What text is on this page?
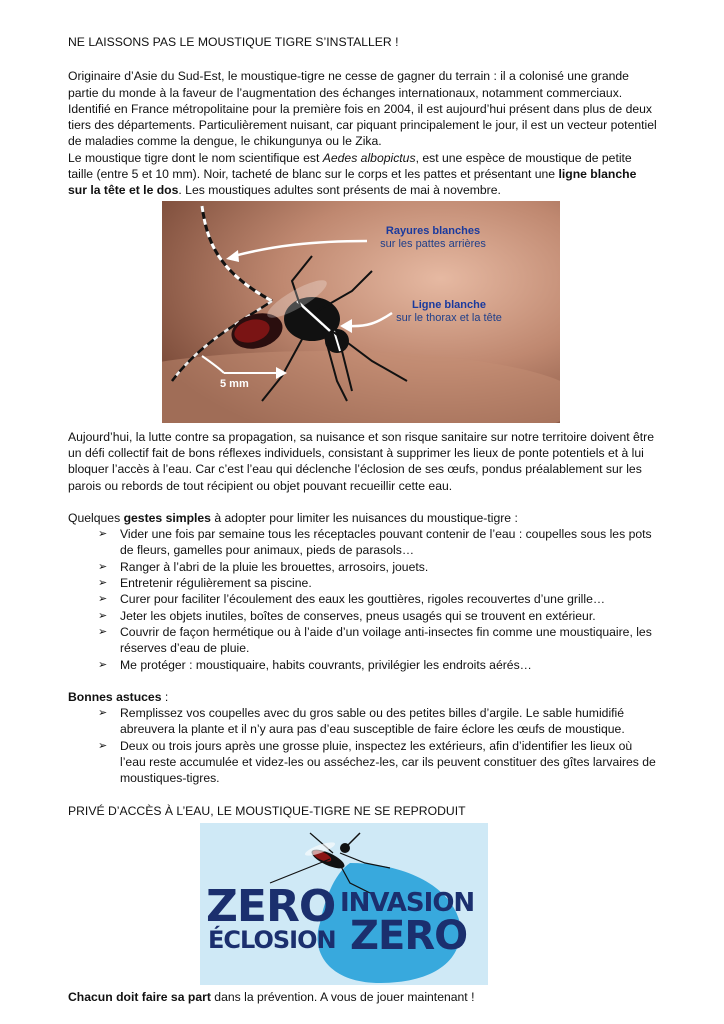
NE LAISSONS PAS LE MOUSTIQUE TIGRE S’INSTALLER !

Originaire d’Asie du Sud-Est, le moustique-tigre ne cesse de gagner du terrain : il a colonisé une grande partie du monde à la faveur de l’augmentation des échanges internationaux, notamment commerciaux. Identifié en France métropolitaine pour la première fois en 2004, il est aujourd’hui présent dans plus de deux tiers des départements. Particulièrement nuisant, car piquant principalement le jour, il est un vecteur potentiel de maladies comme la dengue, le chikungunya ou le Zika.

Le moustique tigre dont le nom scientifique est Aedes albopictus, est une espèce de moustique de petite taille (entre 5 et 10 mm). Noir, tacheté de blanc sur le corps et les pattes et présentant une ligne blanche sur la tête et le dos. Les moustiques adultes sont présents de mai à novembre.

Rayures blanches
sur les pattes arrières
Ligne blanche
sur le thorax et la tête
5 mm

Aujourd’hui, la lutte contre sa propagation, sa nuisance et son risque sanitaire sur notre territoire doivent être un défi collectif fait de bons réflexes individuels, consistant à supprimer les lieux de ponte potentiels et à lui bloquer l’accès à l’eau. Car c’est l’eau qui déclenche l’éclosion de ses œufs, pondus préalablement sur les parois ou rebords de tout récipient ou objet pouvant recueillir cette eau.

Quelques gestes simples à adopter pour limiter les nuisances du moustique-tigre :

➢ Vider une fois par semaine tous les réceptacles pouvant contenir de l’eau : coupelles sous les pots de fleurs, gamelles pour animaux, pieds de parasols…
➢ Ranger à l’abri de la pluie les brouettes, arrosoirs, jouets.
➢ Entretenir régulièrement sa piscine.
➢ Curer pour faciliter l’écoulement des eaux les gouttières, rigoles recouvertes d’une grille…
➢ Jeter les objets inutiles, boîtes de conserves, pneus usagés qui se trouvent en extérieur.
➢ Couvrir de façon hermétique ou à l’aide d’un voilage anti-insectes fin comme une moustiquaire, les réserves d’eau de pluie.
➢ Me protéger : moustiquaire, habits couvrants, privilégier les endroits aérés…

Bonnes astuces :

➢ Remplissez vos coupelles avec du gros sable ou des petites billes d’argile. Le sable humidifié abreuvera la plante et il n’y aura pas d’eau susceptible de faire éclore les œufs de moustique.
➢ Deux ou trois jours après une grosse pluie, inspectez les extérieurs, afin d’identifier les lieux où l’eau reste accumulée et videz-les ou asséchez-les, car ils peuvent constituer des gîtes larvaires de moustiques-tigres.

PRIVÉ D’ACCÈS À L’EAU, LE MOUSTIQUE-TIGRE NE SE REPRODUIT

ZERO
ÉCLOSION
INVASION
ZERO

Chacun doit faire sa part dans la prévention. A vous de jouer maintenant !
